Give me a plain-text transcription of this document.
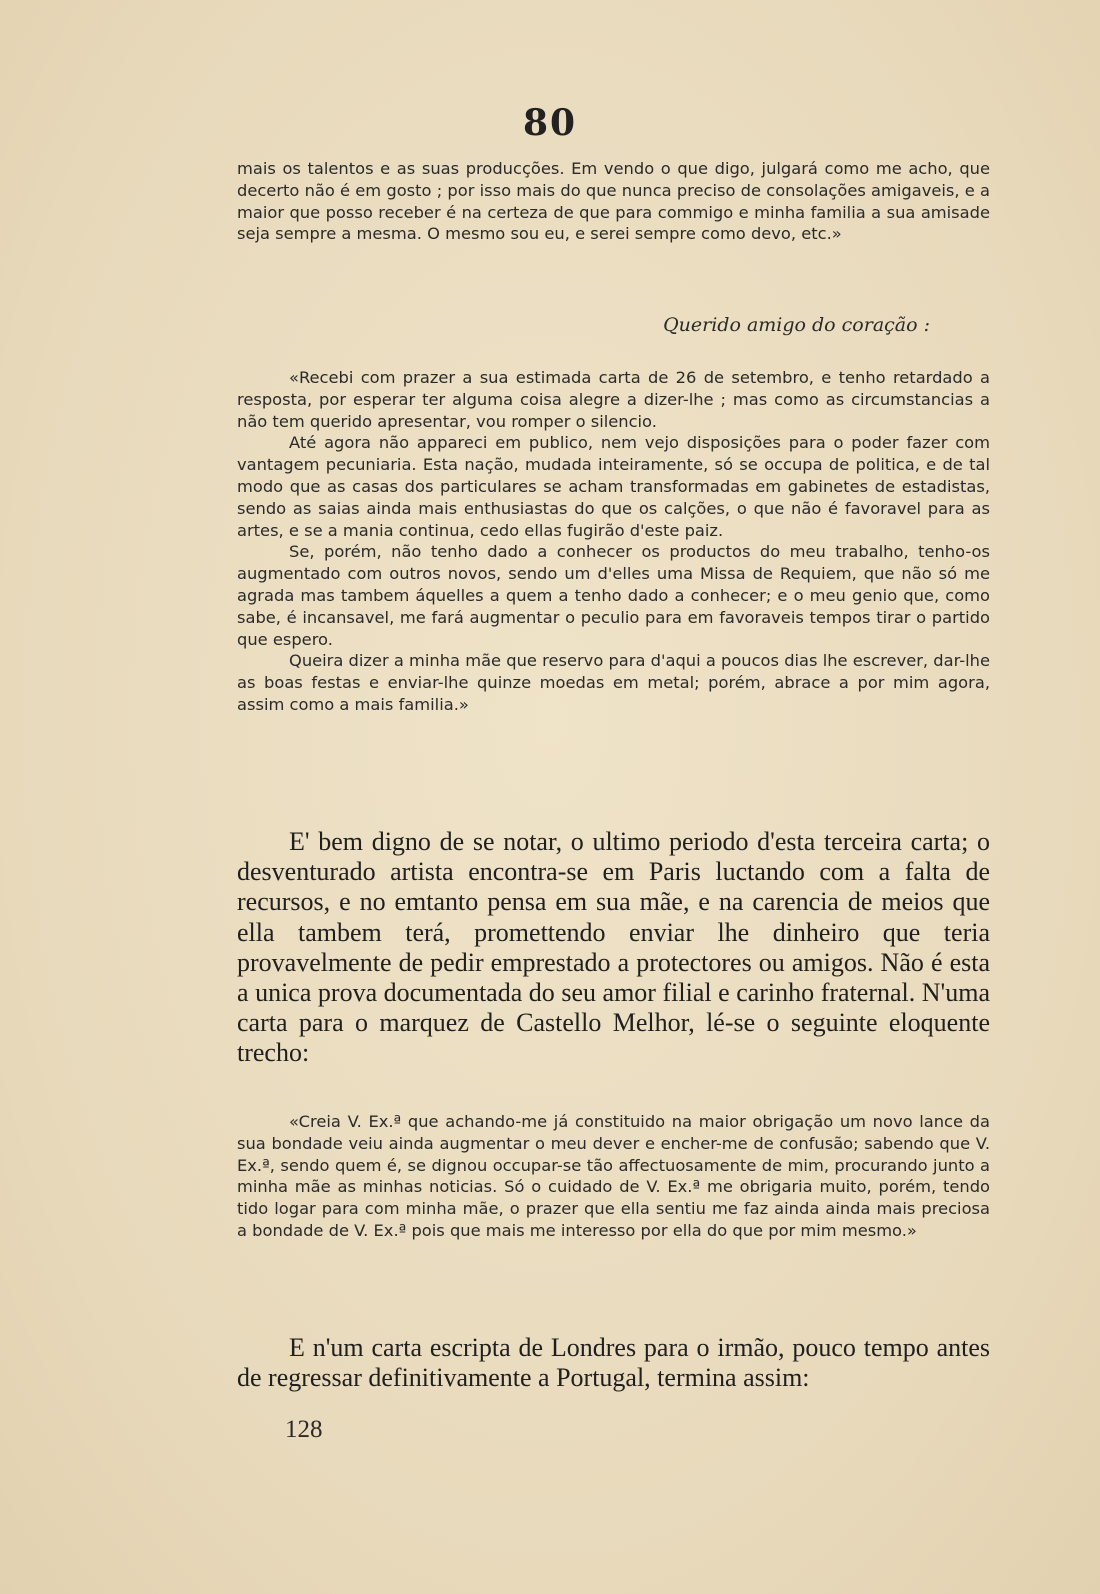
80

mais os talentos e as suas producções. Em vendo o que digo, julgará como me acho, que decerto não é em gosto ; por isso mais do que nunca preciso de consolações amigaveis, e a maior que posso receber é na certeza de que para commigo e minha familia a sua amisade seja sempre a mesma. O mesmo sou eu, e serei sempre como devo, etc.»

Querido amigo do coração :

«Recebi com prazer a sua estimada carta de 26 de setembro, e tenho retardado a resposta, por esperar ter alguma coisa alegre a dizer-lhe ; mas como as circumstancias a não tem querido apresentar, vou romper o silencio.

Até agora não appareci em publico, nem vejo disposições para o poder fazer com vantagem pecuniaria. Esta nação, mudada inteiramente, só se occupa de politica, e de tal modo que as casas dos particulares se acham transformadas em gabinetes de estadistas, sendo as saias ainda mais enthusiastas do que os calções, o que não é favoravel para as artes, e se a mania continua, cedo ellas fugirão d'este paiz.

Se, porém, não tenho dado a conhecer os productos do meu trabalho, tenho-os augmentado com outros novos, sendo um d'elles uma Missa de Requiem, que não só me agrada mas tambem áquelles a quem a tenho dado a conhecer; e o meu genio que, como sabe, é incansavel, me fará augmentar o peculio para em favoraveis tempos tirar o partido que espero.

Queira dizer a minha mãe que reservo para d'aqui a poucos dias lhe escrever, dar-lhe as boas festas e enviar-lhe quinze moedas em metal; porém, abrace a por mim agora, assim como a mais familia.»

E' bem digno de se notar, o ultimo periodo d'esta terceira carta; o desventurado artista encontra-se em Paris luctando com a falta de recursos, e no emtanto pensa em sua mãe, e na carencia de meios que ella tambem terá, promettendo enviar lhe dinheiro que teria provavelmente de pedir emprestado a protectores ou amigos. Não é esta a unica prova documentada do seu amor filial e carinho fraternal. N'uma carta para o marquez de Castello Melhor, lé-se o seguinte eloquente trecho:

«Creia V. Ex.ª que achando-me já constituido na maior obrigação um novo lance da sua bondade veiu ainda augmentar o meu dever e encher-me de confusão; sabendo que V. Ex.ª, sendo quem é, se dignou occupar-se tão affectuosamente de mim, procurando junto a minha mãe as minhas noticias. Só o cuidado de V. Ex.ª me obrigaria muito, porém, tendo tido logar para com minha mãe, o prazer que ella sentiu me faz ainda ainda mais preciosa a bondade de V. Ex.ª pois que mais me interesso por ella do que por mim mesmo.»

E n'um carta escripta de Londres para o irmão, pouco tempo antes de regressar definitivamente a Portugal, termina assim:

128
